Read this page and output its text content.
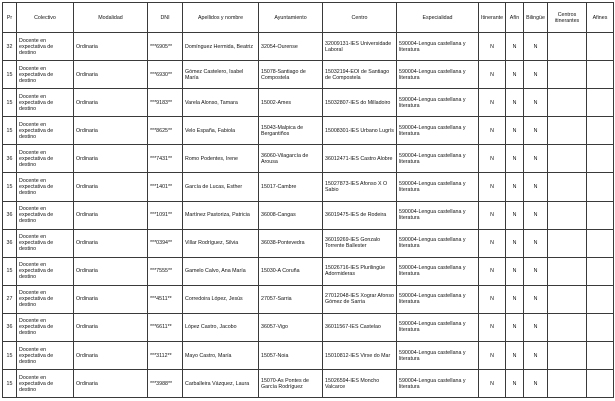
Pr	Colectivo	Modalidad	DNI	Apellidos y nombre	Ayuntamiento	Centro	Especialidad	Itinerante	Afín	Bilingüe	Centros itinerantes	Afines
32	Docente en expectativa de destino	Ordinaria	***6905**	Domínguez Hermida, Beatriz	32054-Ourense	32009131-IES Universidade Laboral	590004-Lengua castellana y literatura	N	N	N		
15	Docente en expectativa de destino	Ordinaria	***6930**	Gómez Castelero, Isabel María	15078-Santiago de Compostela	15032194-EOI de Santiago de Compostela	590004-Lengua castellana y literatura	N	N	N		
15	Docente en expectativa de destino	Ordinaria	***9183**	Varela Alonso, Tamara	15002-Ames	15032807-IES do Milladoiro	590004-Lengua castellana y literatura	N	N	N		
15	Docente en expectativa de destino	Ordinaria	***8625**	Velo España, Fabiola	15043-Malpica de Bergantiños	15008301-IES Urbano Lugrís	590004-Lengua castellana y literatura	N	N	N		
36	Docente en expectativa de destino	Ordinaria	***7431**	Romo Podentes, Irene	36060-Vilagarcía de Arousa	36012471-IES Castro Alobre	590004-Lengua castellana y literatura	N	N	N		
15	Docente en expectativa de destino	Ordinaria	***1401**	García de Lucas, Esther	15017-Cambre	15027873-IES Afonso X O Sabio	590004-Lengua castellana y literatura	N	N	N		
36	Docente en expectativa de destino	Ordinaria	***1091**	Martínez Pastoriza, Patricia	36008-Cangas	36019475-IES de Rodeira	590004-Lengua castellana y literatura	N	N	N		
36	Docente en expectativa de destino	Ordinaria	***0394**	Villar Rodríguez, Silvia	36038-Pontevedra	36019269-IES Gonzalo Torrente Ballester	590004-Lengua castellana y literatura	N	N	N		
15	Docente en expectativa de destino	Ordinaria	***7555**	Gamelo Calvo, Ana María	15030-A Coruña	15026716-IES Plurilingüe Adormideras	590004-Lengua castellana y literatura	N	N	N		
27	Docente en expectativa de destino	Ordinaria	***4511**	Corredoira López, Jesús	27057-Sarria	27012048-IES Xograr Afonso Gómez de Sarria	590004-Lengua castellana y literatura	N	N	N		
36	Docente en expectativa de destino	Ordinaria	***6611**	López Castro, Jacobo	36057-Vigo	36011567-IES Castelao	590004-Lengua castellana y literatura	N	N	N		
15	Docente en expectativa de destino	Ordinaria	***3112**	Mayo Castro, María	15057-Noia	15010812-IES Virxe do Mar	590004-Lengua castellana y literatura	N	N	N		
15	Docente en expectativa de destino	Ordinaria	***3988**	Carballeira Vázquez, Laura	15070-As Pontes de García Rodríguez	15026594-IES Moncho Valcarce	590004-Lengua castellana y literatura	N	N	N		
